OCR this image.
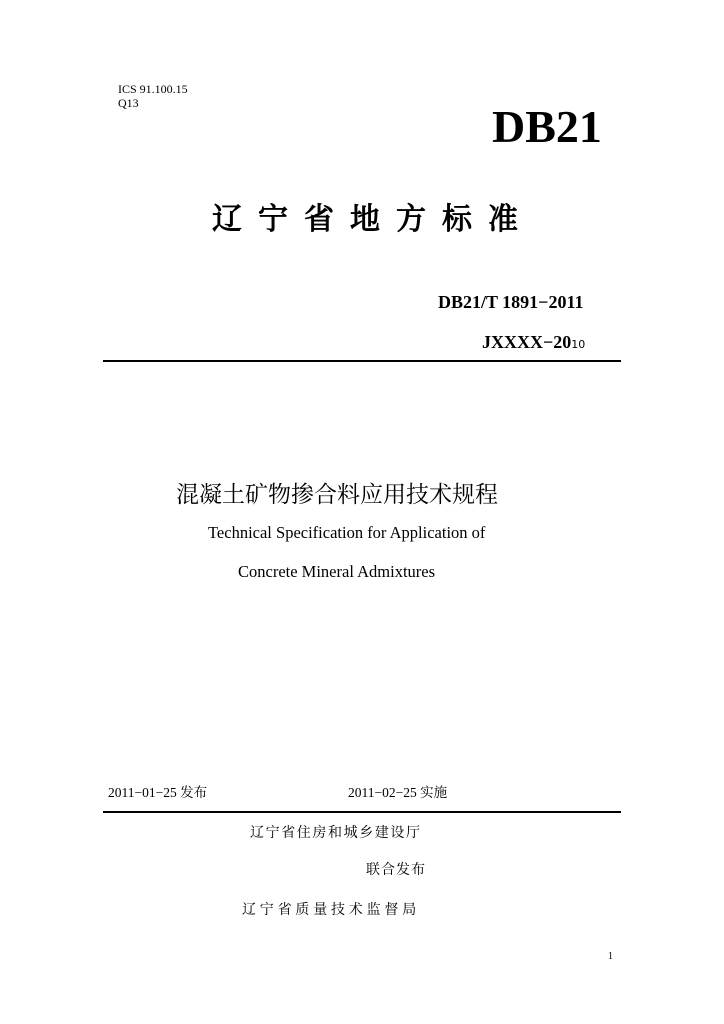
ICS 91.100.15
Q13	DB21
辽宁省地方标准
DB21/T 1891−2011
JXXXX−2010
混凝土矿物掺合料应用技术规程
Technical Specification for Application of
Concrete Mineral Admixtures
2011−01−25 发布	2011−02−25 实施
辽宁省住房和城乡建设厅
联合发布
辽宁省质量技术监督局
1
